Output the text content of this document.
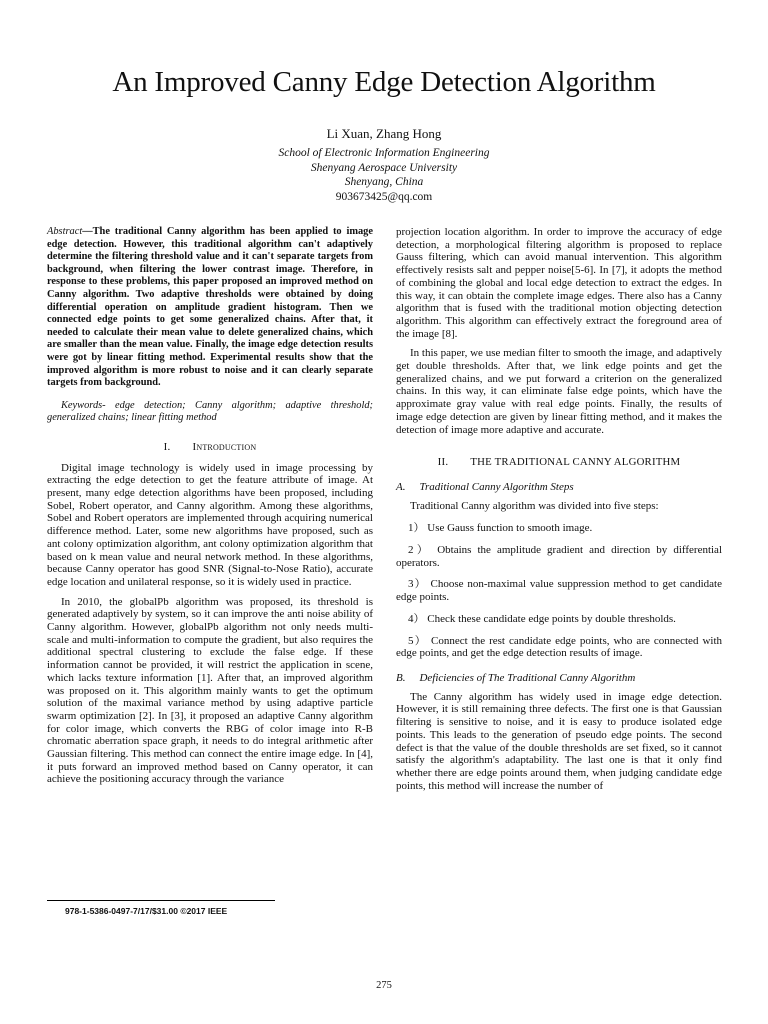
An Improved Canny Edge Detection Algorithm
Li Xuan, Zhang Hong
School of Electronic Information Engineering
Shenyang Aerospace University
Shenyang, China
903673425@qq.com
Abstract—The traditional Canny algorithm has been applied to image edge detection. However, this traditional algorithm can't adaptively determine the filtering threshold value and it can't separate targets from background, when filtering the lower contrast image. Therefore, in response to these problems, this paper proposed an improved method on Canny algorithm. Two adaptive thresholds were obtained by doing differential operation on amplitude gradient histogram. Then we connected edge points to get some generalized chains. After that, it needed to calculate their mean value to delete generalized chains, which are smaller than the mean value. Finally, the image edge detection results were got by linear fitting method. Experimental results show that the improved algorithm is more robust to noise and it can clearly separate targets from background.
Keywords- edge detection; Canny algorithm; adaptive threshold; generalized chains; linear fitting method
I. Introduction

Digital image technology is widely used in image processing by extracting the edge detection to get the feature attribute of image. At present, many edge detection algorithms have been proposed, including Sobel, Robert operator, and Canny algorithm. Among these algorithms, Sobel and Robert operators are implemented through acquiring numerical difference method. Later, some new algorithms have proposed, such as ant colony optimization algorithm, ant colony optimization algorithm that based on k mean value and neural network method. In these algorithms, because Canny operator has good SNR (Signal-to-Nose Ratio), accurate edge location and unilateral response, so it is widely used in practice.

In 2010, the globalPb algorithm was proposed, its threshold is generated adaptively by system, so it can improve the anti noise ability of Canny algorithm. However, globalPb algorithm not only needs multi-scale and multi-information to compute the gradient, but also requires the additional spectral clustering to exclude the false edge. If these information cannot be provided, it will restrict the application in scene, which lacks texture information [1]. After that, an improved algorithm was proposed on it. This algorithm mainly wants to get the optimum solution of the maximal variance method by using adaptive particle swarm optimization [2]. In [3], it proposed an adaptive Canny algorithm for color image, which converts the RBG of color image into R-B chromatic aberration space graph, it needs to do integral arithmetic after Gaussian filtering. This method can connect the entire image edge. In [4], it puts forward an improved method based on Canny operator, it can achieve the positioning accuracy through the variance

projection location algorithm. In order to improve the accuracy of edge detection, a morphological filtering algorithm is proposed to replace Gauss filtering, which can avoid manual intervention. This algorithm effectively resists salt and pepper noise[5-6]. In [7], it adopts the method of combining the global and local edge detection to extract the edges. In this way, it can obtain the complete image edges. There also has a Canny algorithm that is fused with the traditional motion objecting detection algorithm. This algorithm can effectively extract the foreground area of the image [8].

In this paper, we use median filter to smooth the image, and adaptively get double thresholds. After that, we link edge points and get the generalized chains, and we put forward a criterion on the generalized chains. In this way, it can eliminate false edge points, which have the approximate gray value with real edge points. Finally, the results of image edge detection are given by linear fitting method, and it makes the detection of image more adaptive and accurate.

II. THE TRADITIONAL CANNY ALGORITHM
A. Traditional Canny Algorithm Steps

Traditional Canny algorithm was divided into five steps:

1） Use Gauss function to smooth image.

2） Obtains the amplitude gradient and direction by differential operators.

3） Choose non-maximal value suppression method to get candidate edge points.

4） Check these candidate edge points by double thresholds.

5） Connect the rest candidate edge points, who are connected with edge points, and get the edge detection results of image.

B. Deficiencies of The Traditional Canny Algorithm

The Canny algorithm has widely used in image edge detection. However, it is still remaining three defects. The first one is that Gaussian filtering is sensitive to noise, and it is easy to produce isolated edge points. This leads to the generation of pseudo edge points. The second defect is that the value of the double thresholds are set fixed, so it cannot satisfy the algorithm's adaptability. The last one is that it only find whether there are edge points around them, when judging candidate edge points, this method will increase the number of

978-1-5386-0497-7/17/$31.00 ©2017 IEEE
275
